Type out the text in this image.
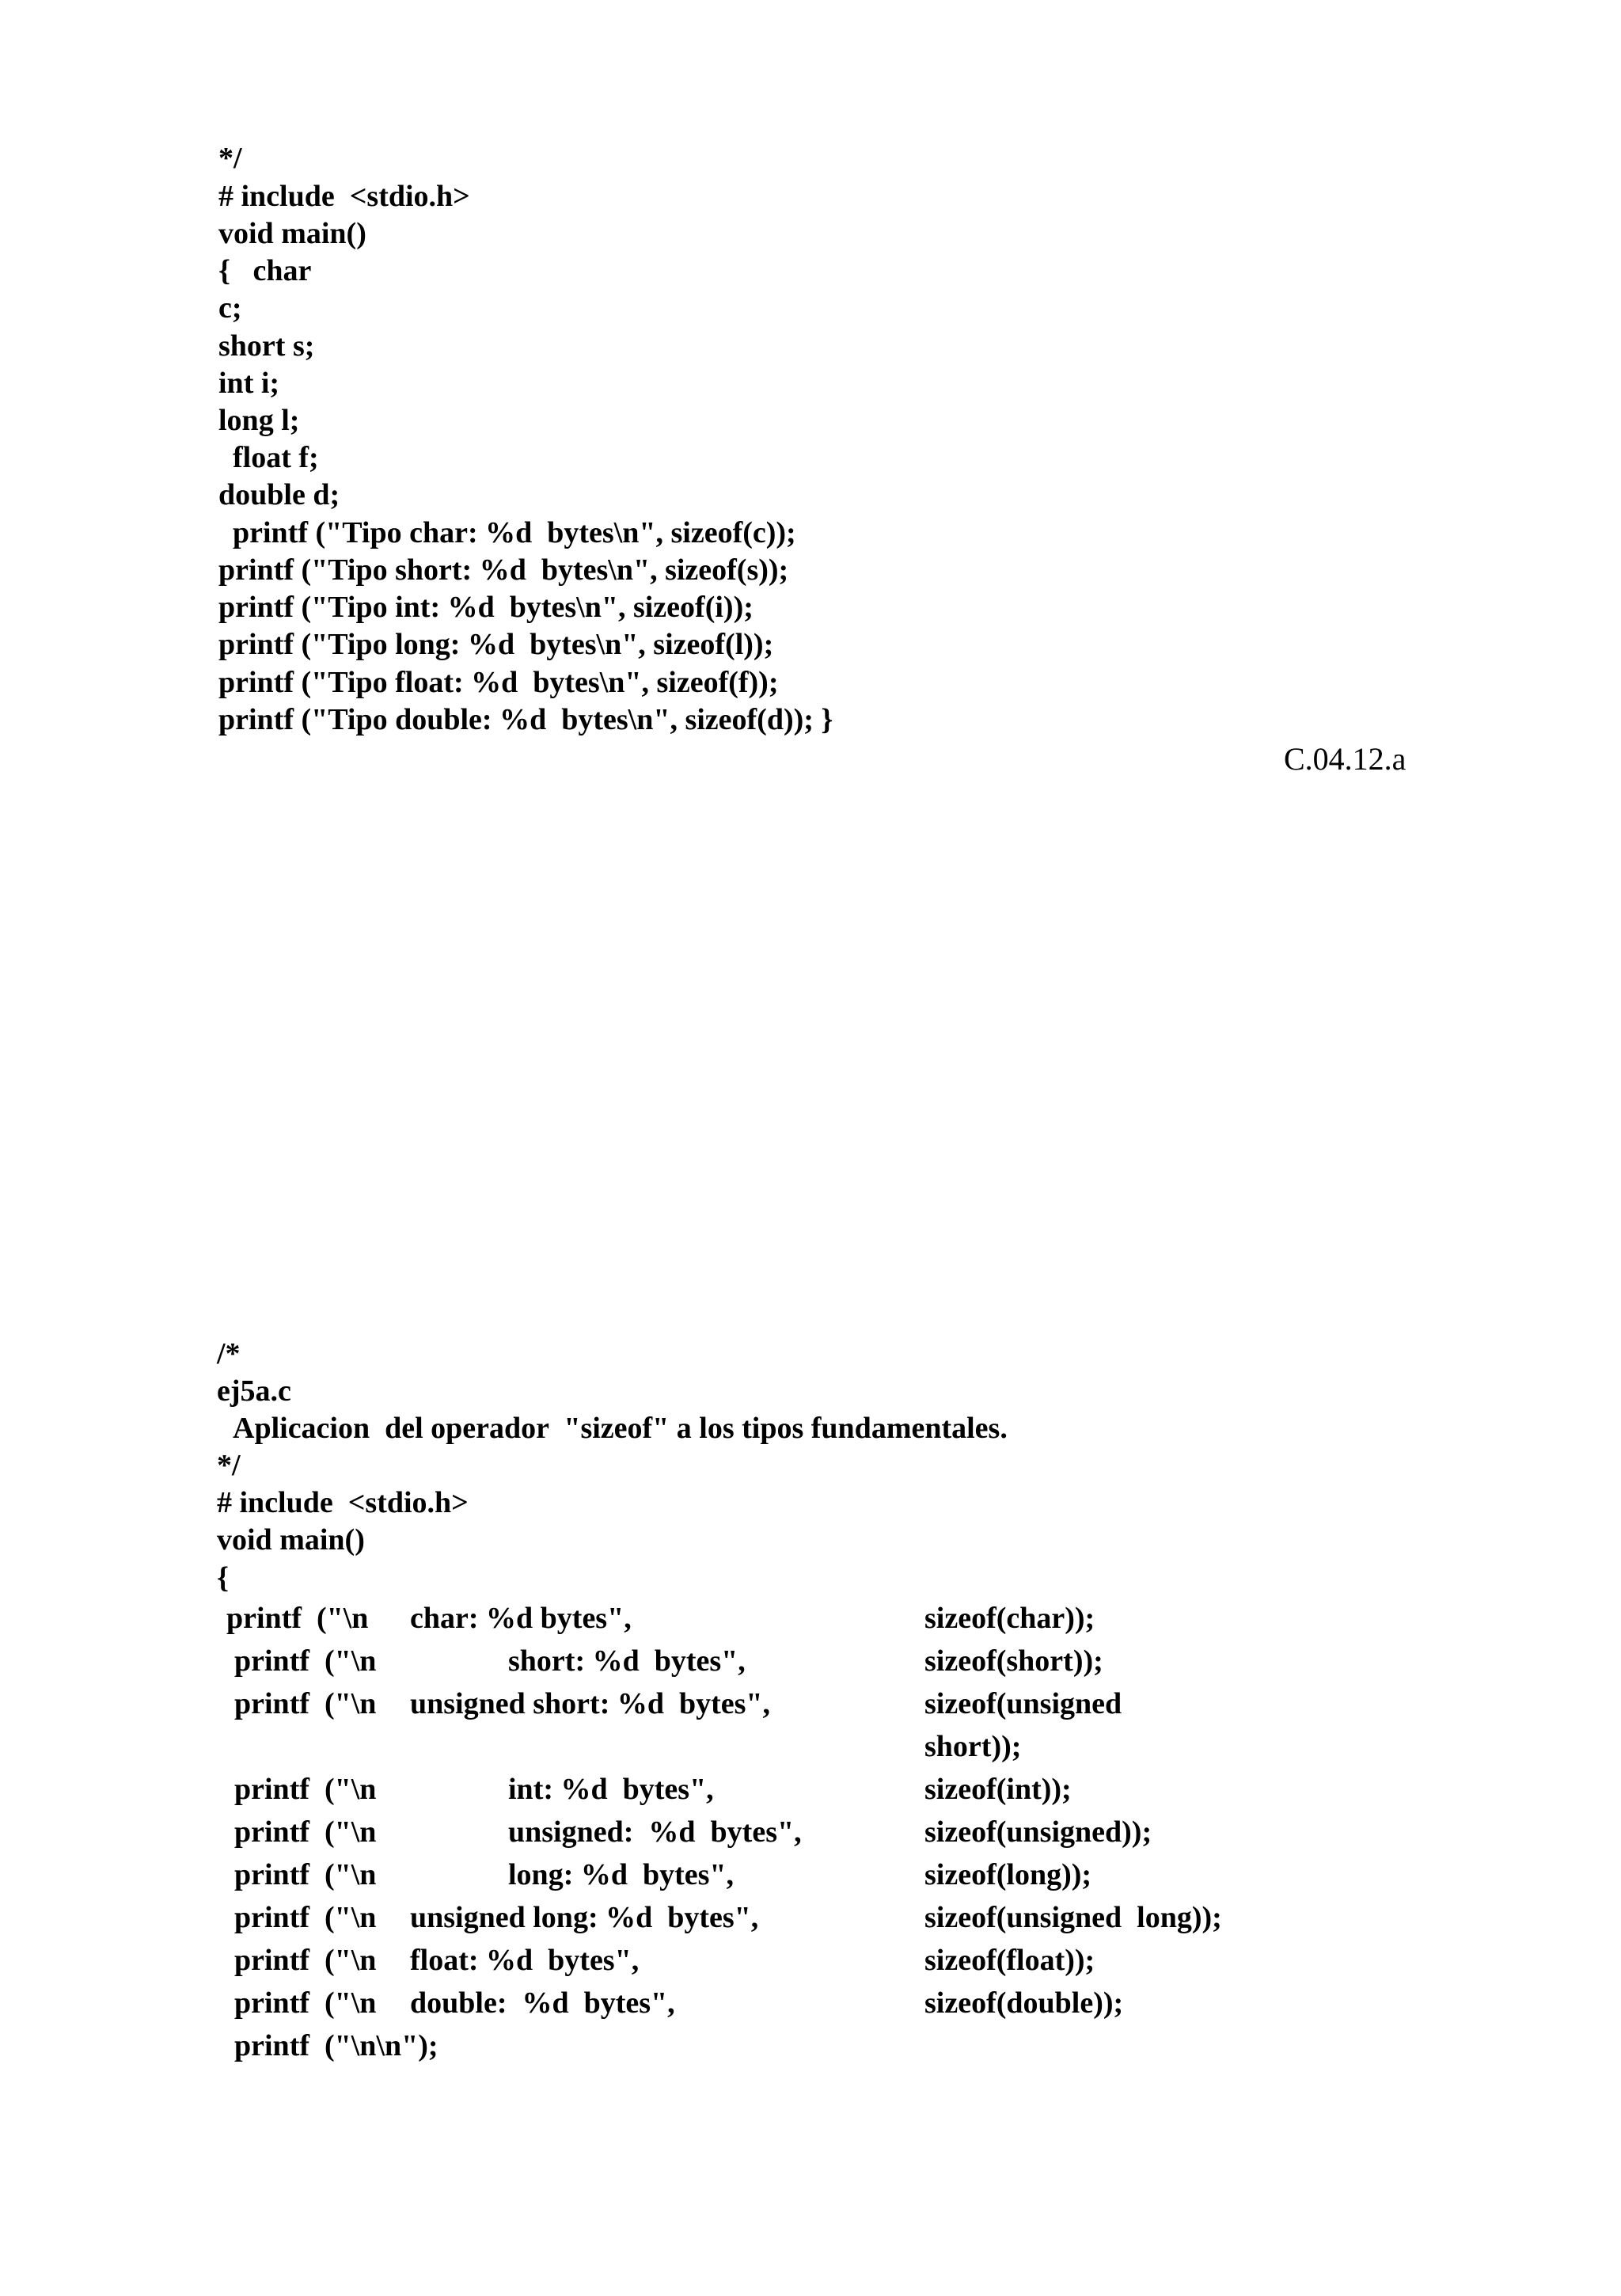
*/
# include  <stdio.h>
void main()
{   char
c;
short s;
int i;
long l;
float f;
double d;
printf ("Tipo char: %d  bytes\n", sizeof(c));
printf ("Tipo short: %d  bytes\n", sizeof(s));
printf ("Tipo int: %d  bytes\n", sizeof(i));
printf ("Tipo long: %d  bytes\n", sizeof(l));
printf ("Tipo float: %d  bytes\n", sizeof(f));
printf ("Tipo double: %d  bytes\n", sizeof(d)); }
C.04.12.a
/*
ej5a.c
Aplicacion  del operador  "sizeof" a los tipos fundamentales.
*/
# include  <stdio.h>
void main()
{
printf  ("\n char: %d bytes",	sizeof(char));
printf  ("\n	short: %d  bytes",	sizeof(short));
printf  ("\n unsigned short: %d  bytes",	sizeof(unsigned
short));
printf  ("\n	int: %d  bytes",	sizeof(int));
printf  ("\n	unsigned:  %d  bytes",	sizeof(unsigned));
printf  ("\n	long: %d  bytes",	sizeof(long));
printf  ("\n unsigned long: %d  bytes",	sizeof(unsigned  long));
printf  ("\n float: %d  bytes",	sizeof(float));
printf  ("\n double:  %d  bytes",	sizeof(double));
printf  ("\n\n");
